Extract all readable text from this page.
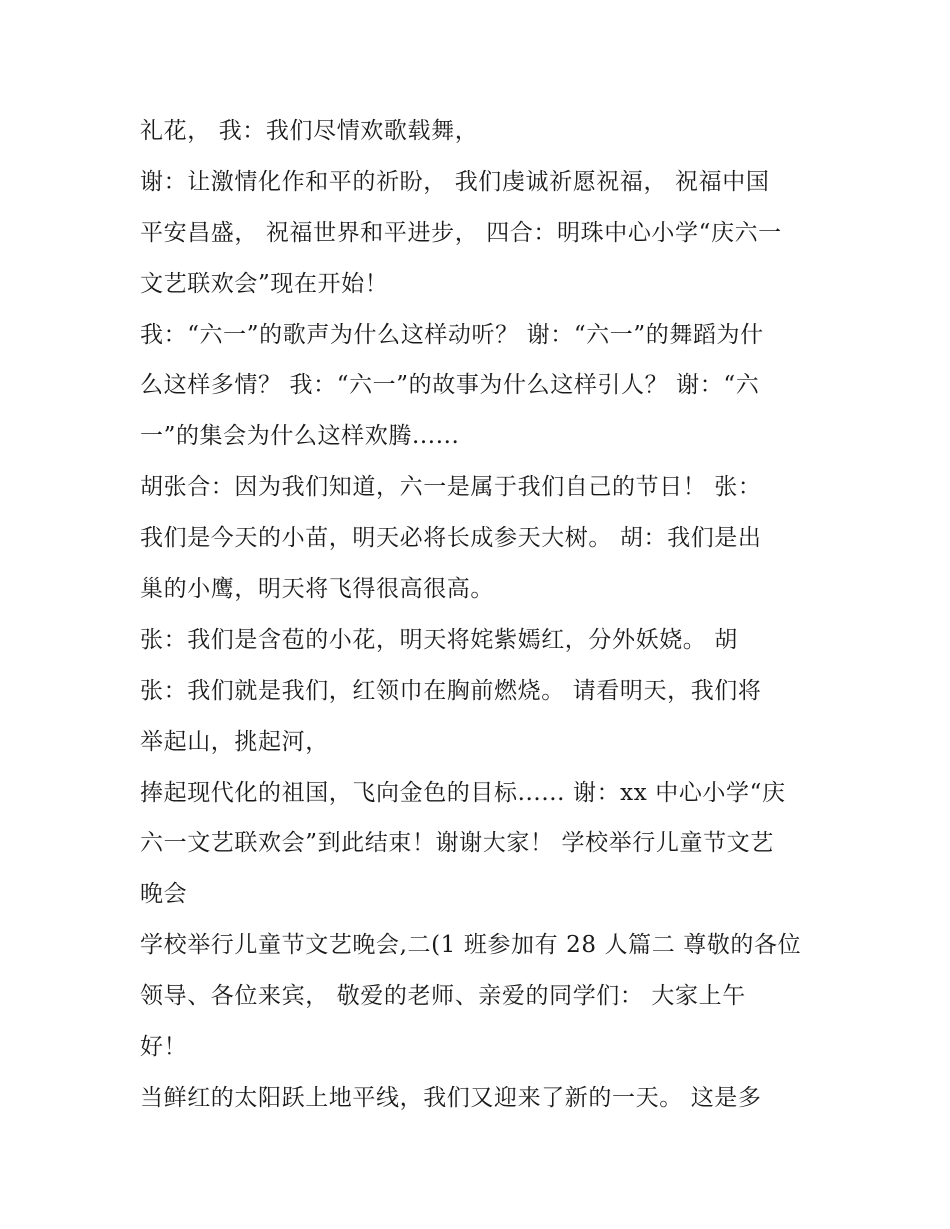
礼花， 我：我们尽情欢歌载舞，
谢：让激情化作和平的祈盼， 我们虔诚祈愿祝福， 祝福中国
平安昌盛， 祝福世界和平进步， 四合：明珠中心小学“庆六一
文艺联欢会”现在开始！
我：“六一”的歌声为什么这样动听？ 谢：“六一”的舞蹈为什
么这样多情？ 我：“六一”的故事为什么这样引人？ 谢：“六
一”的集会为什么这样欢腾......
胡张合：因为我们知道，六一是属于我们自己的节日！ 张：
我们是今天的小苗，明天必将长成参天大树。 胡：我们是出
巢的小鹰，明天将飞得很高很高。
张：我们是含苞的小花，明天将姹紫嫣红，分外妖娆。 胡
张：我们就是我们，红领巾在胸前燃烧。 请看明天，我们将
举起山，挑起河，
捧起现代化的祖国，飞向金色的目标...... 谢：xx 中心小学“庆
六一文艺联欢会”到此结束！谢谢大家！ 学校举行儿童节文艺
晚会
学校举行儿童节文艺晚会,二(1 班参加有 28 人篇二 尊敬的各位
领导、各位来宾， 敬爱的老师、亲爱的同学们： 大家上午
好！
当鲜红的太阳跃上地平线，我们又迎来了新的一天。 这是多
